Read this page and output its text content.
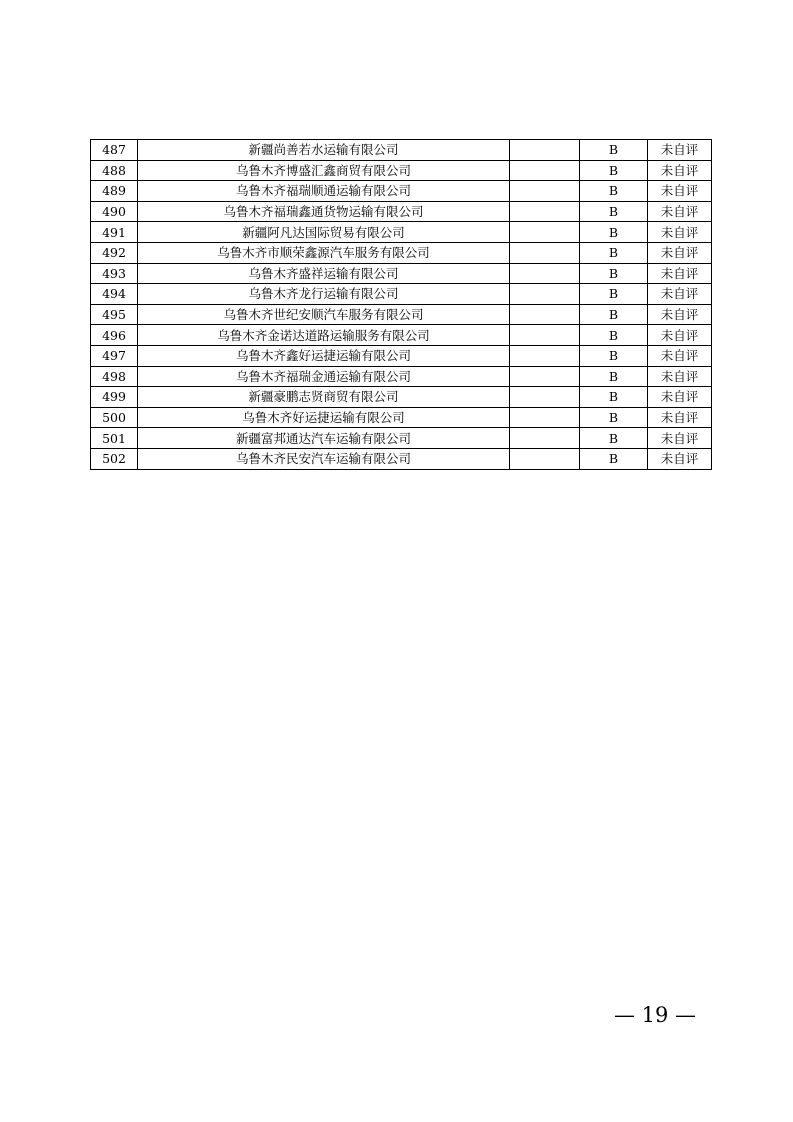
487	新疆尚善若水运输有限公司		B	未自评
488	乌鲁木齐博盛汇鑫商贸有限公司		B	未自评
489	乌鲁木齐福瑞顺通运输有限公司		B	未自评
490	乌鲁木齐福瑞鑫通货物运输有限公司		B	未自评
491	新疆阿凡达国际贸易有限公司		B	未自评
492	乌鲁木齐市顺荣鑫源汽车服务有限公司		B	未自评
493	乌鲁木齐盛祥运输有限公司		B	未自评
494	乌鲁木齐龙行运输有限公司		B	未自评
495	乌鲁木齐世纪安顺汽车服务有限公司		B	未自评
496	乌鲁木齐金诺达道路运输服务有限公司		B	未自评
497	乌鲁木齐鑫好运捷运输有限公司		B	未自评
498	乌鲁木齐福瑞金通运输有限公司		B	未自评
499	新疆豪鹏志贤商贸有限公司		B	未自评
500	乌鲁木齐好运捷运输有限公司		B	未自评
501	新疆富邦通达汽车运输有限公司		B	未自评
502	乌鲁木齐民安汽车运输有限公司		B	未自评
— 19 —
